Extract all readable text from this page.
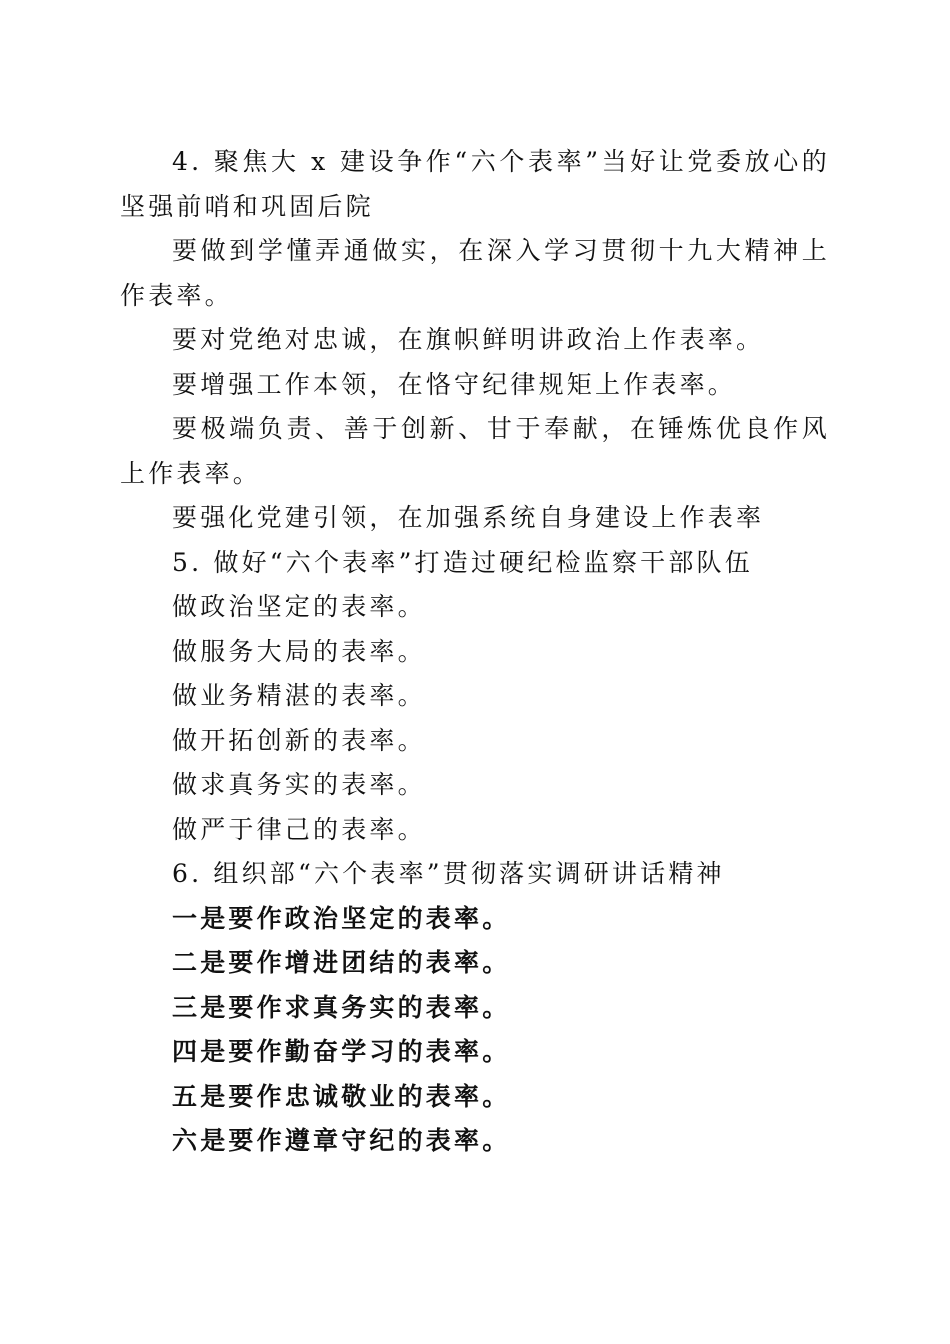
4. 聚焦大 x 建设争作“六个表率”当好让党委放心的坚强前哨和巩固后院

要做到学懂弄通做实，在深入学习贯彻十九大精神上作表率。

要对党绝对忠诚，在旗帜鲜明讲政治上作表率。

要增强工作本领，在恪守纪律规矩上作表率。

要极端负责、善于创新、甘于奉献，在锤炼优良作风上作表率。

要强化党建引领，在加强系统自身建设上作表率

5. 做好“六个表率”打造过硬纪检监察干部队伍

做政治坚定的表率。

做服务大局的表率。

做业务精湛的表率。

做开拓创新的表率。

做求真务实的表率。

做严于律己的表率。

6. 组织部“六个表率”贯彻落实调研讲话精神

一是要作政治坚定的表率。

二是要作增进团结的表率。

三是要作求真务实的表率。

四是要作勤奋学习的表率。

五是要作忠诚敬业的表率。

六是要作遵章守纪的表率。
